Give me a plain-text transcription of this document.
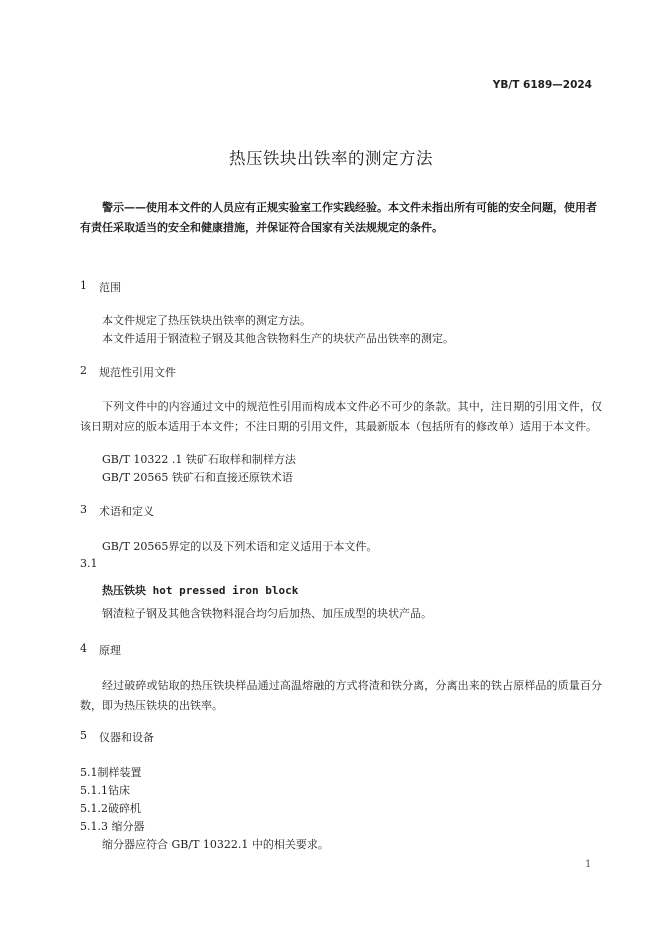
YB/T 6189—2024
热压铁块出铁率的测定方法
警示——使用本文件的人员应有正规实验室工作实践经验。本文件未指出所有可能的安全问题，使用者有责任采取适当的安全和健康措施，并保证符合国家有关法规规定的条件。
1 范围
本文件规定了热压铁块出铁率的测定方法。
本文件适用于钢渣粒子钢及其他含铁物料生产的块状产品出铁率的测定。
2 规范性引用文件
下列文件中的内容通过文中的规范性引用而构成本文件必不可少的条款。其中，注日期的引用文件，仅该日期对应的版本适用于本文件；不注日期的引用文件，其最新版本（包括所有的修改单）适用于本文件。
GB/T 10322 .1 铁矿石取样和制样方法
GB/T 20565 铁矿石和直接还原铁术语
3 术语和定义
GB/T 20565界定的以及下列术语和定义适用于本文件。
3.1
热压铁块 hot pressed iron block
钢渣粒子钢及其他含铁物料混合均匀后加热、加压成型的块状产品。
4 原理
经过破碎或钻取的热压铁块样品通过高温熔融的方式将渣和铁分离，分离出来的铁占原样品的质量百分数，即为热压铁块的出铁率。
5 仪器和设备
5.1制样装置
5.1.1钻床
5.1.2破碎机
5.1.3 缩分器
缩分器应符合 GB/T 10322.1 中的相关要求。
1
